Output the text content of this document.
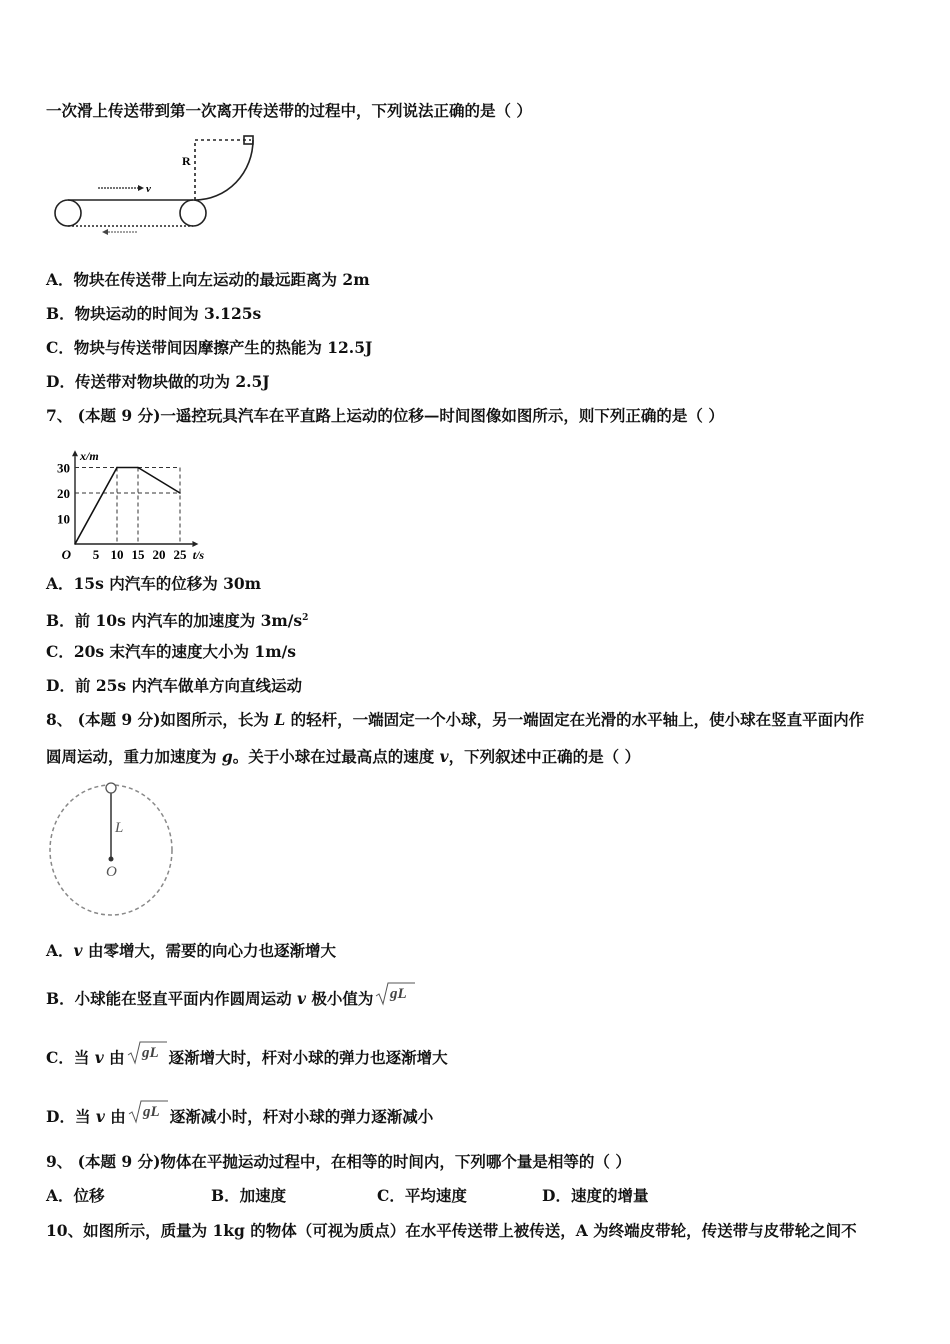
一次滑上传送带到第一次离开传送带的过程中，下列说法正确的是（ ）
R
v
A．物块在传送带上向左运动的最远距离为 2m
B．物块运动的时间为 3.125s
C．物块与传送带间因摩擦产生的热能为 12.5J
D．传送带对物块做的功为 2.5J
7、 (本题 9 分)一遥控玩具汽车在平直路上运动的位移—时间图像如图所示，则下列正确的是（ ）
5 10 15 20 25
10
20
30
O	t/s
x/m
A．15s 内汽车的位移为 30m
B．前 10s 内汽车的加速度为 $3m/s^2$
C．20s 末汽车的速度大小为 1m/s
D．前 25s 内汽车做单方向直线运动
8、 (本题 9 分)如图所示，长为 L 的轻杆，一端固定一个小球，另一端固定在光滑的水平轴上，使小球在竖直平面内作
圆周运动，重力加速度为 g。关于小球在过最高点的速度 v，下列叙述中正确的是（ ）
L
O
A．v 由零增大，需要的向心力也逐渐增大
B．小球能在竖直平面内作圆周运动 v 极小值为 gL
C．当 v 由 gL 逐渐增大时，杆对小球的弹力也逐渐增大
D．当 v 由 gL 逐渐减小时，杆对小球的弹力逐渐减小
9、 (本题 9 分)物体在平抛运动过程中，在相等的时间内，下列哪个量是相等的（ ）
A．位移	B．加速度	C．平均速度	D．速度的增量
10、如图所示，质量为 1kg 的物体（可视为质点）在水平传送带上被传送，A 为终端皮带轮，传送带与皮带轮之间不
